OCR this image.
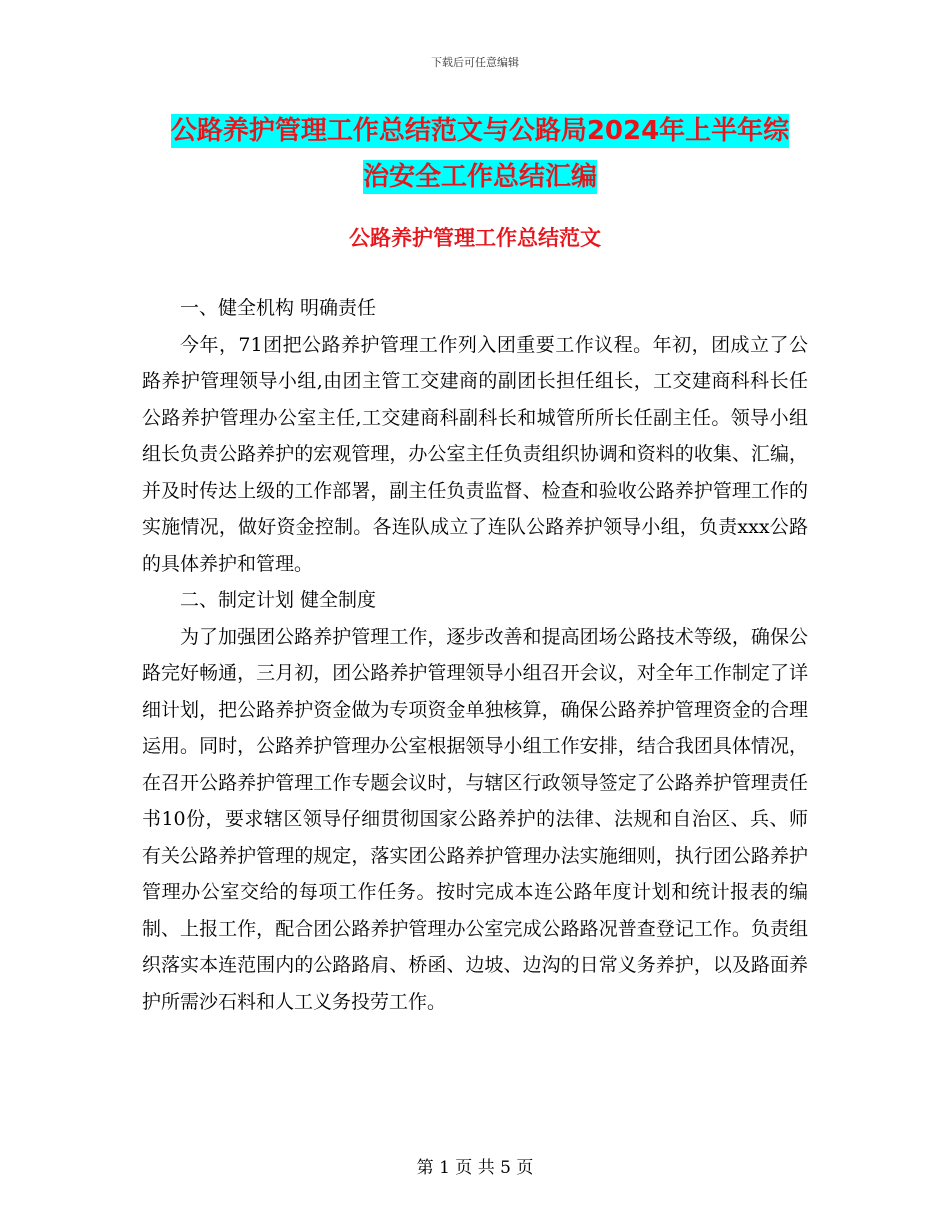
下载后可任意编辑
公路养护管理工作总结范文与公路局2024年上半年综
治安全工作总结汇编
公路养护管理工作总结范文

一、健全机构 明确责任

今年，71团把公路养护管理工作列入团重要工作议程。年初，团成立了公路养护管理领导小组,由团主管工交建商的副团长担任组长，工交建商科科长任公路养护管理办公室主任,工交建商科副科长和城管所所长任副主任。领导小组组长负责公路养护的宏观管理，办公室主任负责组织协调和资料的收集、汇编，并及时传达上级的工作部署，副主任负责监督、检查和验收公路养护管理工作的实施情况，做好资金控制。各连队成立了连队公路养护领导小组，负责xxx公路的具体养护和管理。

二、制定计划 健全制度

为了加强团公路养护管理工作，逐步改善和提高团场公路技术等级，确保公路完好畅通，三月初，团公路养护管理领导小组召开会议，对全年工作制定了详细计划，把公路养护资金做为专项资金单独核算，确保公路养护管理资金的合理运用。同时，公路养护管理办公室根据领导小组工作安排，结合我团具体情况，在召开公路养护管理工作专题会议时，与辖区行政领导签定了公路养护管理责任书10份，要求辖区领导仔细贯彻国家公路养护的法律、法规和自治区、兵、师有关公路养护管理的规定，落实团公路养护管理办法实施细则，执行团公路养护管理办公室交给的每项工作任务。按时完成本连公路年度计划和统计报表的编制、上报工作，配合团公路养护管理办公室完成公路路况普查登记工作。负责组织落实本连范围内的公路路肩、桥函、边坡、边沟的日常义务养护，以及路面养护所需沙石料和人工义务投劳工作。

第 1 页 共 5 页
